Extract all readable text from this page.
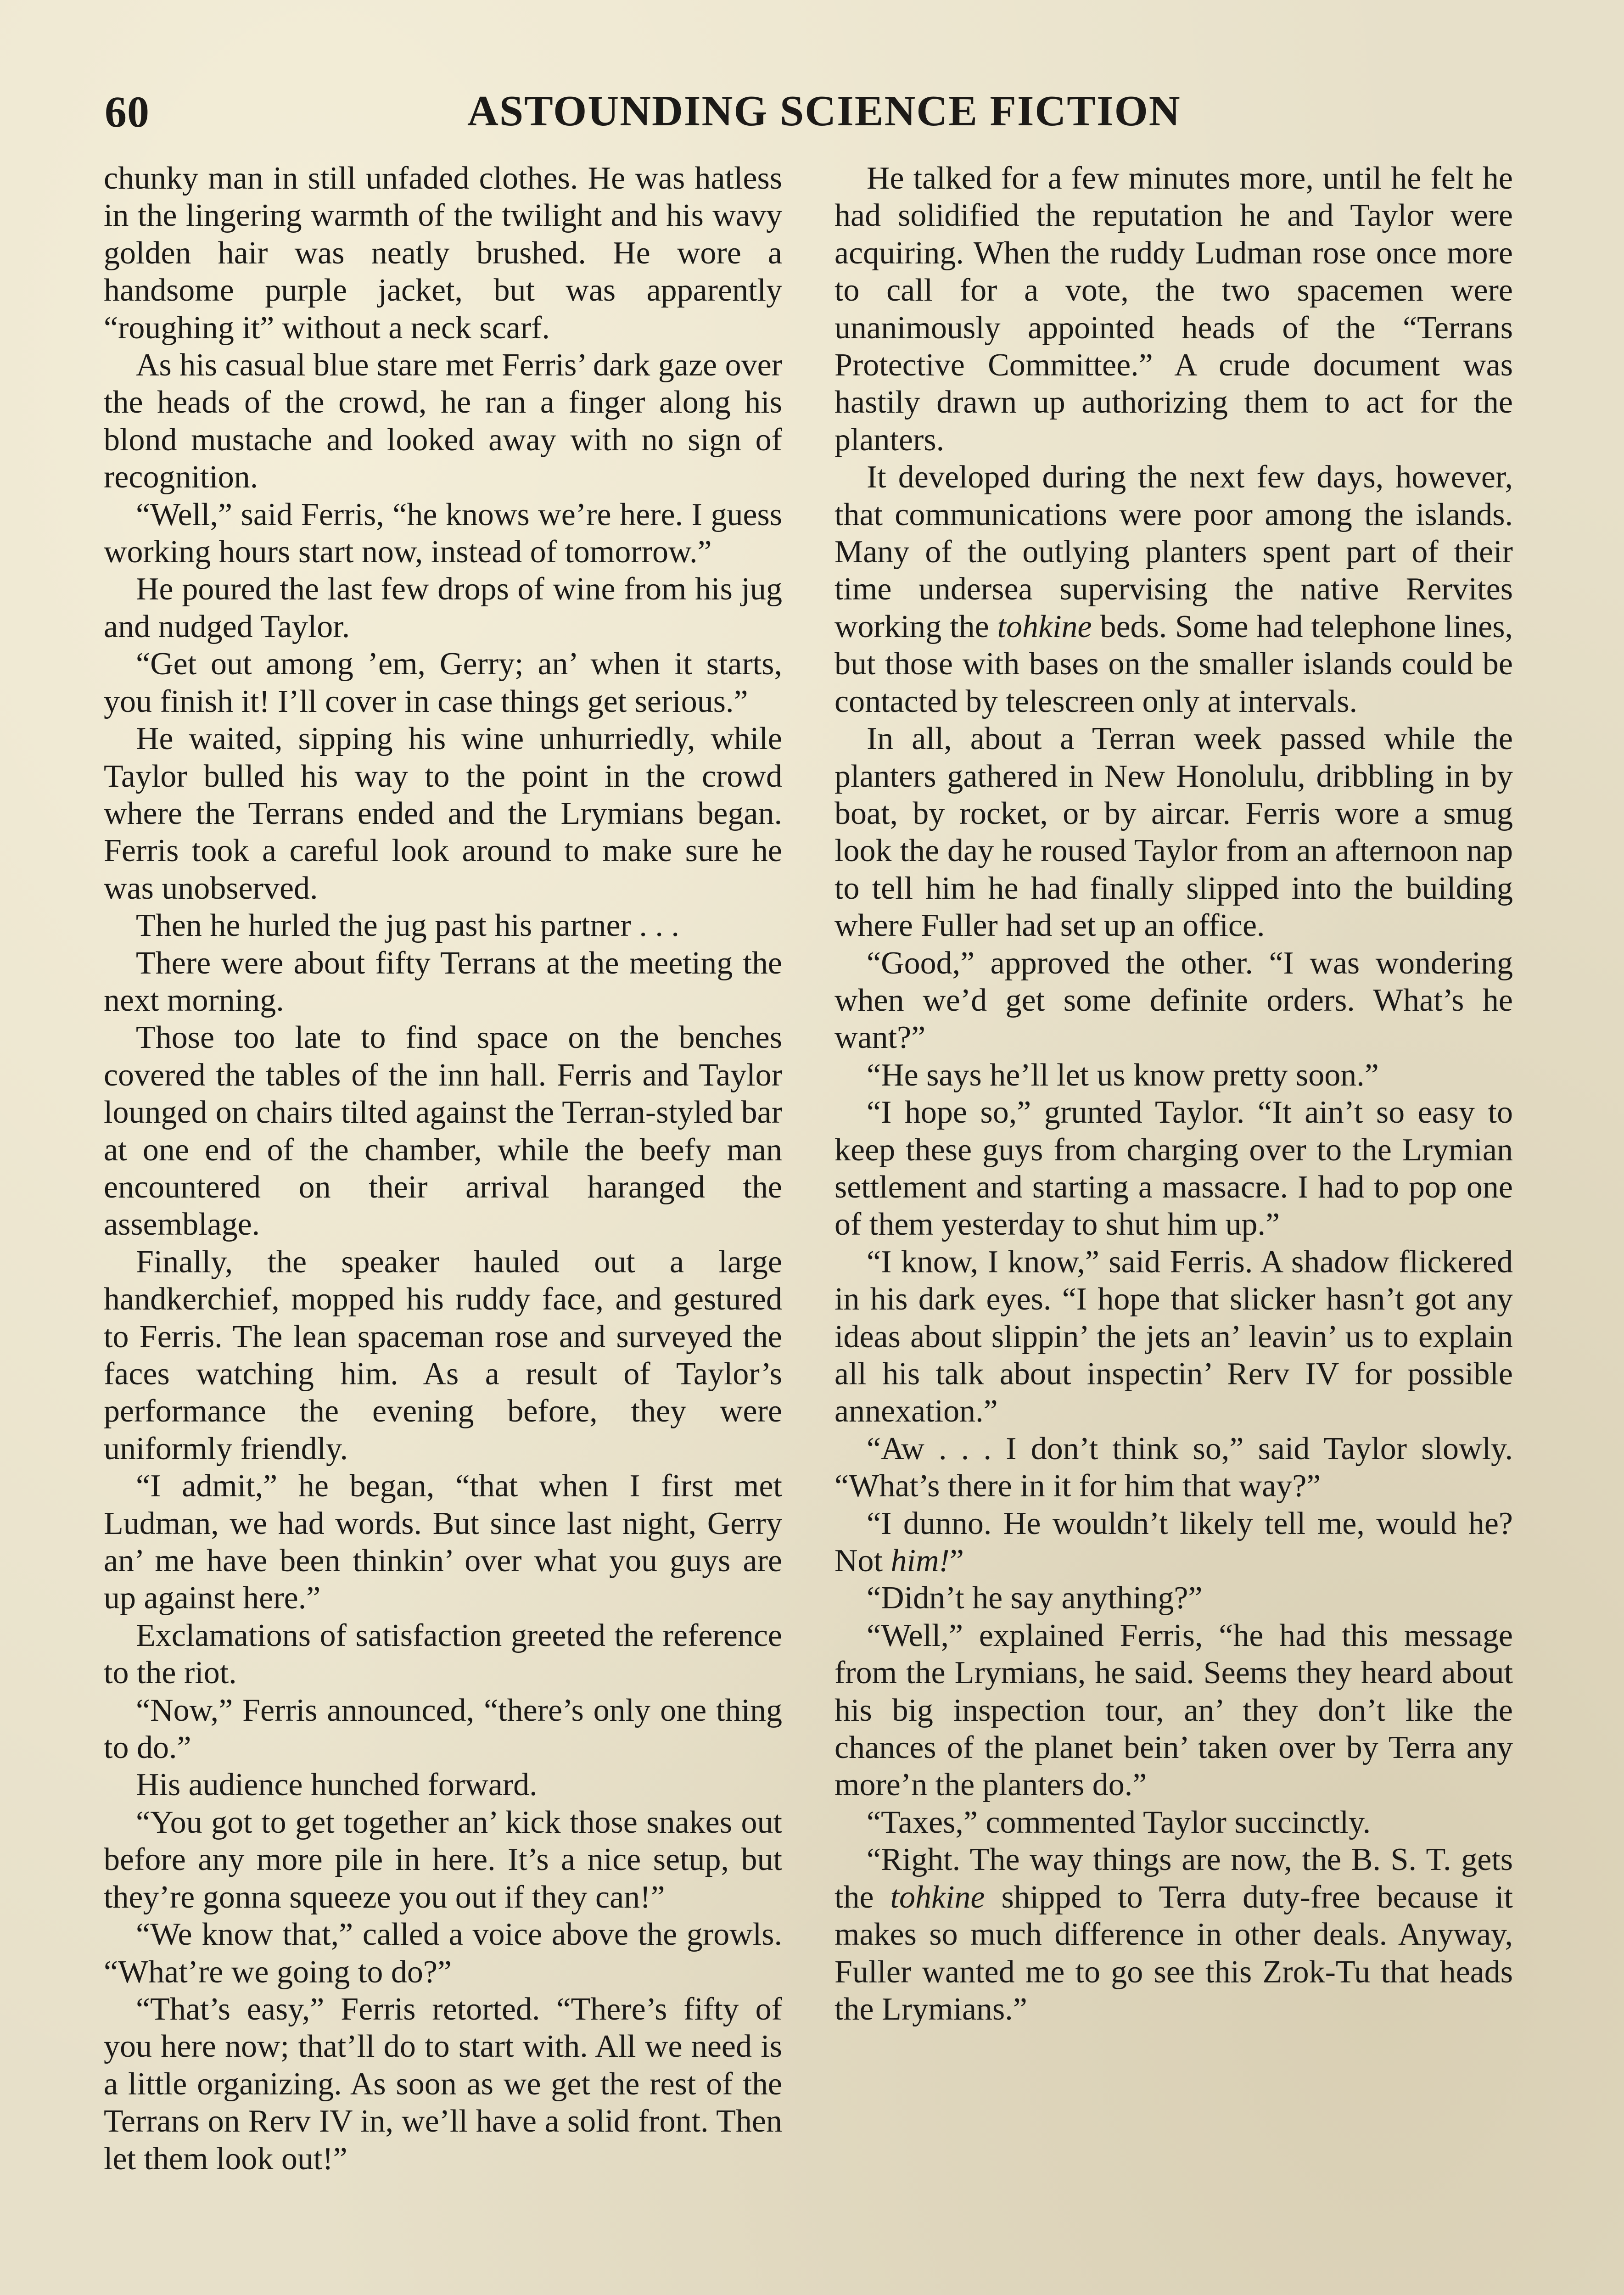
60	ASTOUNDING SCIENCE FICTION

chunky man in still unfaded clothes. He was hatless in the lingering warmth of the twilight and his wavy golden hair was neatly brushed. He wore a handsome purple jacket, but was apparently “roughing it” without a neck scarf.

As his casual blue stare met Ferris’ dark gaze over the heads of the crowd, he ran a finger along his blond mustache and looked away with no sign of recognition.

“Well,” said Ferris, “he knows we’re here. I guess working hours start now, instead of tomorrow.”

He poured the last few drops of wine from his jug and nudged Taylor.

“Get out among ’em, Gerry; an’ when it starts, you finish it! I’ll cover in case things get serious.”

He waited, sipping his wine unhurriedly, while Taylor bulled his way to the point in the crowd where the Terrans ended and the Lrymians began. Ferris took a careful look around to make sure he was unobserved.

Then he hurled the jug past his partner . . .

There were about fifty Terrans at the meeting the next morning.

Those too late to find space on the benches covered the tables of the inn hall. Ferris and Taylor lounged on chairs tilted against the Terran-styled bar at one end of the chamber, while the beefy man encountered on their arrival haranged the assemblage.

Finally, the speaker hauled out a large handkerchief, mopped his ruddy face, and gestured to Ferris. The lean spaceman rose and surveyed the faces watching him. As a result of Taylor’s performance the evening before, they were uniformly friendly.

“I admit,” he began, “that when I first met Ludman, we had words. But since last night, Gerry an’ me have been thinkin’ over what you guys are up against here.”

Exclamations of satisfaction greeted the reference to the riot.

“Now,” Ferris announced, “there’s only one thing to do.”

His audience hunched forward.

“You got to get together an’ kick those snakes out before any more pile in here. It’s a nice setup, but they’re gonna squeeze you out if they can!”

“We know that,” called a voice above the growls. “What’re we going to do?”

“That’s easy,” Ferris retorted. “There’s fifty of you here now; that’ll do to start with. All we need is a little organizing. As soon as we get the rest of the Terrans on Rerv IV in, we’ll have a solid front. Then let them look out!”

He talked for a few minutes more, until he felt he had solidified the reputation he and Taylor were acquiring. When the ruddy Ludman rose once more to call for a vote, the two spacemen were unanimously appointed heads of the “Terrans Protective Committee.” A crude document was hastily drawn up authorizing them to act for the planters.

It developed during the next few days, however, that communications were poor among the islands. Many of the outlying planters spent part of their time undersea supervising the native Rervites working the tohkine beds. Some had telephone lines, but those with bases on the smaller islands could be contacted by telescreen only at intervals.

In all, about a Terran week passed while the planters gathered in New Honolulu, dribbling in by boat, by rocket, or by aircar. Ferris wore a smug look the day he roused Taylor from an afternoon nap to tell him he had finally slipped into the building where Fuller had set up an office.

“Good,” approved the other. “I was wondering when we’d get some definite orders. What’s he want?”

“He says he’ll let us know pretty soon.”

“I hope so,” grunted Taylor. “It ain’t so easy to keep these guys from charging over to the Lrymian settlement and starting a massacre. I had to pop one of them yesterday to shut him up.”

“I know, I know,” said Ferris. A shadow flickered in his dark eyes. “I hope that slicker hasn’t got any ideas about slippin’ the jets an’ leavin’ us to explain all his talk about inspectin’ Rerv IV for possible annexation.”

“Aw . . . I don’t think so,” said Taylor slowly. “What’s there in it for him that way?”

“I dunno. He wouldn’t likely tell me, would he? Not him!”

“Didn’t he say anything?”

“Well,” explained Ferris, “he had this message from the Lrymians, he said. Seems they heard about his big inspection tour, an’ they don’t like the chances of the planet bein’ taken over by Terra any more’n the planters do.”

“Taxes,” commented Taylor succinctly.

“Right. The way things are now, the B. S. T. gets the tohkine shipped to Terra duty-free because it makes so much difference in other deals. Anyway, Fuller wanted me to go see this Zrok-Tu that heads the Lrymians.”
